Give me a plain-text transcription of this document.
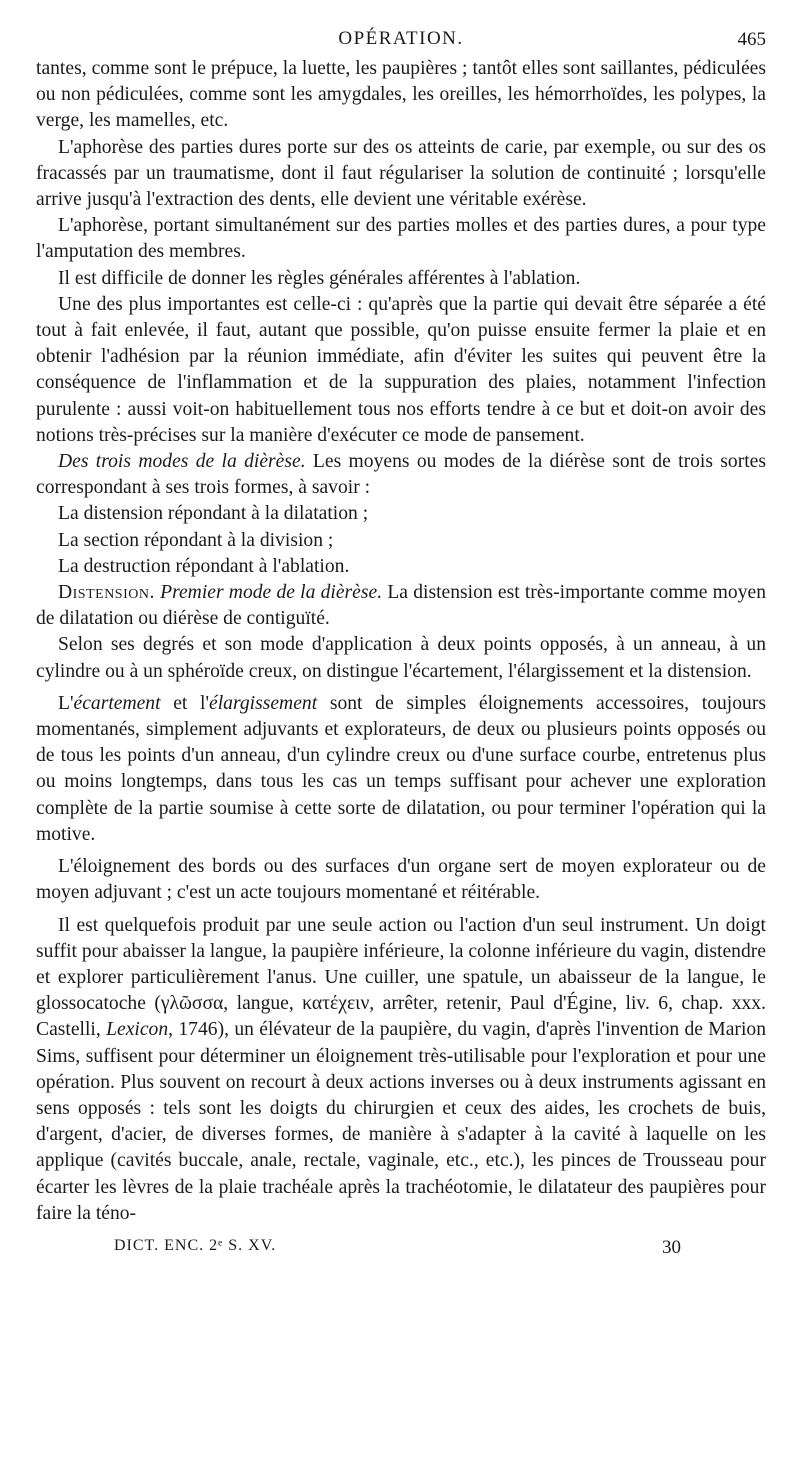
OPÉRATION.	465

tantes, comme sont le prépuce, la luette, les paupières ; tantôt elles sont saillantes, pédiculées ou non pédiculées, comme sont les amygdales, les oreilles, les hémorrhoïdes, les polypes, la verge, les mamelles, etc.

L'aphorèse des parties dures porte sur des os atteints de carie, par exemple, ou sur des os fracassés par un traumatisme, dont il faut régulariser la solution de continuité ; lorsqu'elle arrive jusqu'à l'extraction des dents, elle devient une véritable exérèse.

L'aphorèse, portant simultanément sur des parties molles et des parties dures, a pour type l'amputation des membres.

Il est difficile de donner les règles générales afférentes à l'ablation.

Une des plus importantes est celle-ci : qu'après que la partie qui devait être séparée a été tout à fait enlevée, il faut, autant que possible, qu'on puisse ensuite fermer la plaie et en obtenir l'adhésion par la réunion immédiate, afin d'éviter les suites qui peuvent être la conséquence de l'inflammation et de la suppuration des plaies, notamment l'infection purulente : aussi voit-on habituellement tous nos efforts tendre à ce but et doit-on avoir des notions très-précises sur la manière d'exécuter ce mode de pansement.

Des trois modes de la dièrèse. Les moyens ou modes de la diérèse sont de trois sortes correspondant à ses trois formes, à savoir :

La distension répondant à la dilatation ;

La section répondant à la division ;

La destruction répondant à l'ablation.

Distension. Premier mode de la dièrèse. La distension est très-importante comme moyen de dilatation ou diérèse de contiguïté.

Selon ses degrés et son mode d'application à deux points opposés, à un anneau, à un cylindre ou à un sphéroïde creux, on distingue l'écartement, l'élargissement et la distension.

L'écartement et l'élargissement sont de simples éloignements accessoires, toujours momentanés, simplement adjuvants et explorateurs, de deux ou plusieurs points opposés ou de tous les points d'un anneau, d'un cylindre creux ou d'une surface courbe, entretenus plus ou moins longtemps, dans tous les cas un temps suffisant pour achever une exploration complète de la partie soumise à cette sorte de dilatation, ou pour terminer l'opération qui la motive.

L'éloignement des bords ou des surfaces d'un organe sert de moyen explorateur ou de moyen adjuvant ; c'est un acte toujours momentané et réitérable.

Il est quelquefois produit par une seule action ou l'action d'un seul instrument. Un doigt suffit pour abaisser la langue, la paupière inférieure, la colonne inférieure du vagin, distendre et explorer particulièrement l'anus. Une cuiller, une spatule, un abaisseur de la langue, le glossocatoche (γλῶσσα, langue, κατέχειν, arrêter, retenir, Paul d'Égine, liv. 6, chap. xxx. Castelli, Lexicon, 1746), un élévateur de la paupière, du vagin, d'après l'invention de Marion Sims, suffisent pour déterminer un éloignement très-utilisable pour l'exploration et pour une opération. Plus souvent on recourt à deux actions inverses ou à deux instruments agissant en sens opposés : tels sont les doigts du chirurgien et ceux des aides, les crochets de buis, d'argent, d'acier, de diverses formes, de manière à s'adapter à la cavité à laquelle on les applique (cavités buccale, anale, rectale, vaginale, etc., etc.), les pinces de Trousseau pour écarter les lèvres de la plaie trachéale après la trachéotomie, le dilatateur des paupières pour faire la téno-

DICT. ENC. 2ᵉ S. XV.	30
